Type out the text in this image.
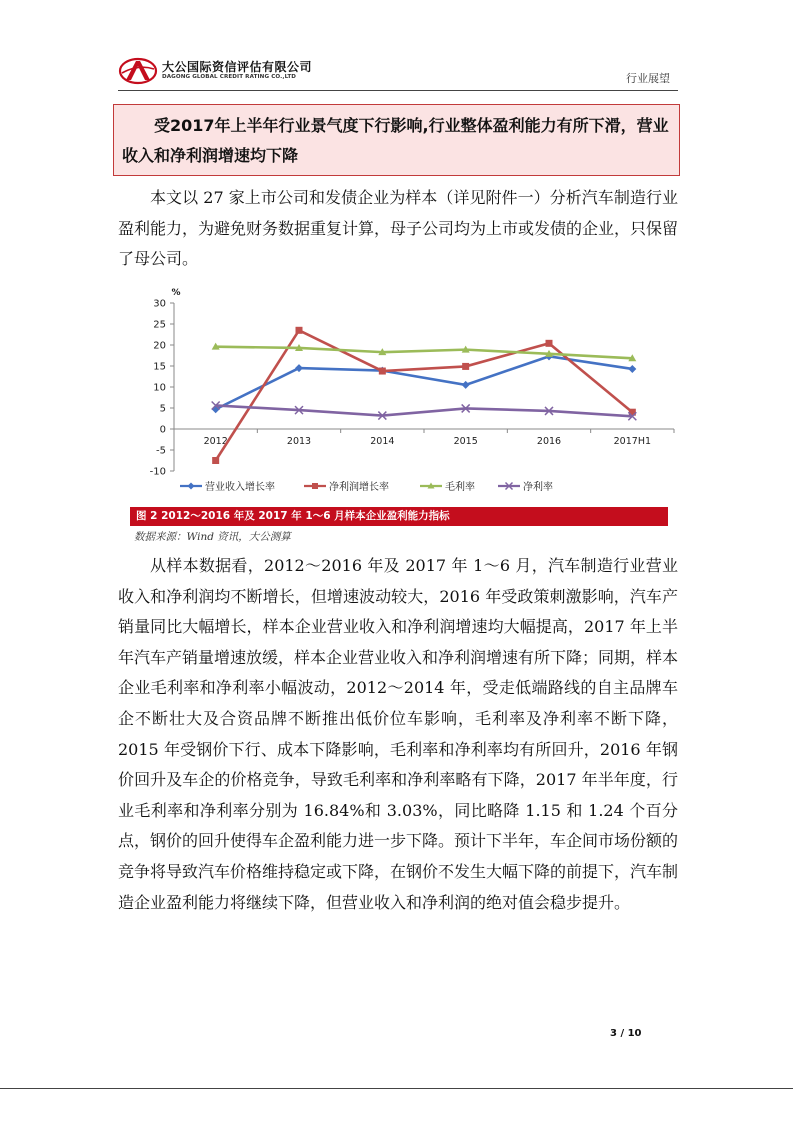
大公国际资信评估有限公司
DAGONG GLOBAL CREDIT RATING CO.,LTD	行业展望

受2017年上半年行业景气度下行影响,行业整体盈利能力有所下滑，营业收入和净利润增速均下降

本文以 27 家上市公司和发债企业为样本（详见附件一）分析汽车制造行业盈利能力，为避免财务数据重复计算，母子公司均为上市或发债的企业，只保留了母公司。

30
25
20
15
10
5
0
-5
-10
%
2012	2013	2014	2015	2016	2017H1
营业收入增长率	净利润增长率	毛利率	净利率
图 2 2012～2016 年及 2017 年 1～6 月样本企业盈利能力指标
数据来源：Wind 资讯，大公测算

从样本数据看，2012～2016 年及 2017 年 1～6 月，汽车制造行业营业收入和净利润均不断增长，但增速波动较大，2016 年受政策刺激影响，汽车产销量同比大幅增长，样本企业营业收入和净利润增速均大幅提高，2017 年上半年汽车产销量增速放缓，样本企业营业收入和净利润增速有所下降；同期，样本企业毛利率和净利率小幅波动，2012～2014 年，受走低端路线的自主品牌车企不断壮大及合资品牌不断推出低价位车影响，毛利率及净利率不断下降，2015 年受钢价下行、成本下降影响，毛利率和净利率均有所回升，2016 年钢价回升及车企的价格竞争，导致毛利率和净利率略有下降，2017 年半年度，行业毛利率和净利率分别为 16.84%和 3.03%，同比略降 1.15 和 1.24 个百分点，钢价的回升使得车企盈利能力进一步下降。预计下半年，车企间市场份额的竞争将导致汽车价格维持稳定或下降，在钢价不发生大幅下降的前提下，汽车制造企业盈利能力将继续下降，但营业收入和净利润的绝对值会稳步提升。

3 / 10
